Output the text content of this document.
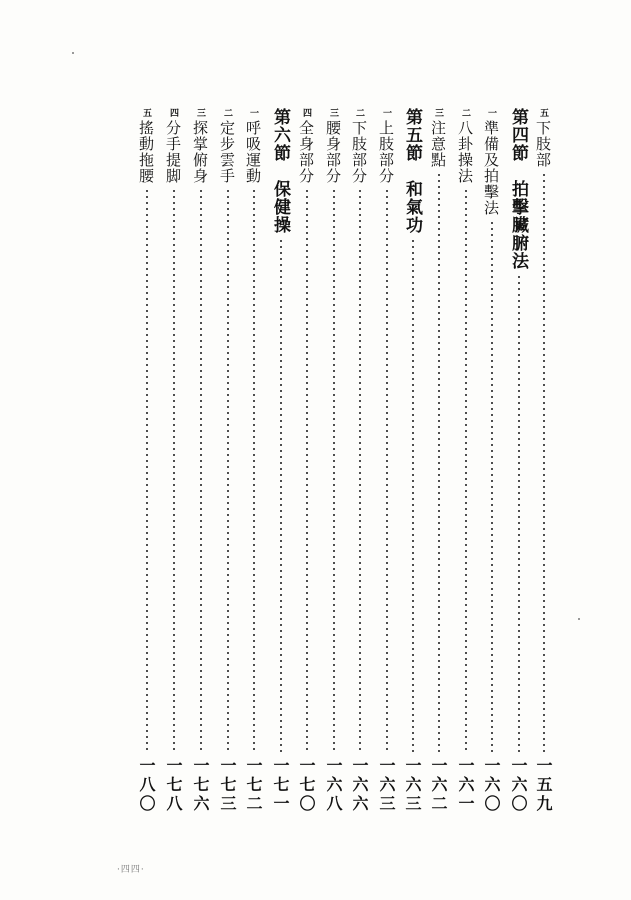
五
下肢部
一五九
第四節　拍擊臟腑法
一六〇
一
準備及拍擊法
一六〇
二
八卦操法
一六一
三
注意點
一六二
第五節　和氣功
一六三
一
上肢部分
一六三
二
下肢部分
一六六
三
腰身部分
一六八
四
全身部分
一七〇
第六節　保健操
一七一
一
呼吸運動
一七二
二
定步雲手
一七三
三
探掌俯身
一七六
四
分手提脚
一七八
五
搖動拖腰
一八〇
·四四·
